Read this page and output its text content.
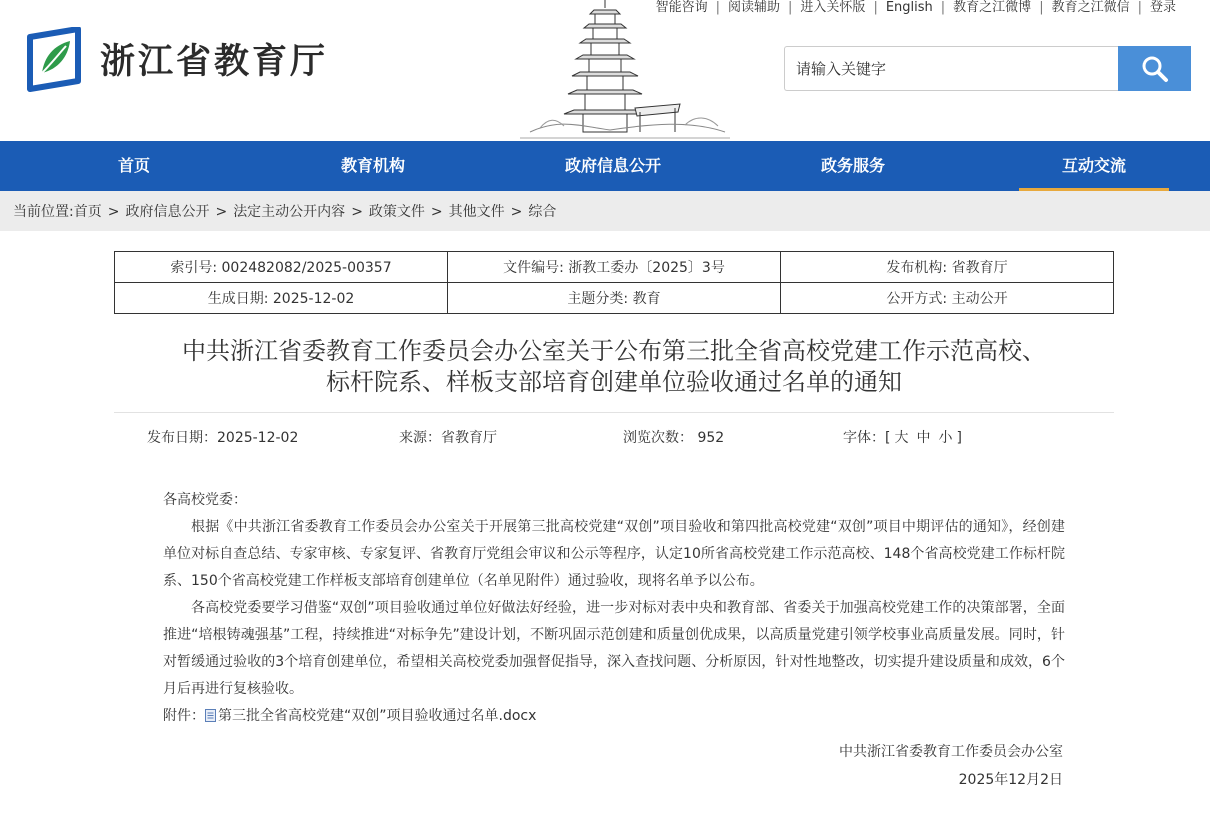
浙江省教育厅
智能咨询 | 阅读辅助 | 进入关怀版 | English | 教育之江微博 | 教育之江微信 | 登录
请输入关键字
首页	教育机构	政府信息公开	政务服务	互动交流
当前位置:首页 > 政府信息公开 > 法定主动公开内容 > 政策文件 > 其他文件 > 综合
索引号: 002482082/2025-00357	文件编号: 浙教工委办〔2025〕3号	发布机构: 省教育厅
生成日期: 2025-12-02	主题分类: 教育	公开方式: 主动公开
中共浙江省委教育工作委员会办公室关于公布第三批全省高校党建工作示范高校、
标杆院系、样板支部培育创建单位验收通过名单的通知
发布日期：2025-12-02	来源：省教育厅	浏览次数： 952	字体：[ 大 中 小 ]

各高校党委：

根据《中共浙江省委教育工作委员会办公室关于开展第三批高校党建“双创”项目验收和第四批高校党建“双创”项目中期评估的通知》，经创建单位对标自查总结、专家审核、专家复评、省教育厅党组会审议和公示等程序，认定10所省高校党建工作示范高校、148个省高校党建工作标杆院系、150个省高校党建工作样板支部培育创建单位（名单见附件）通过验收，现将名单予以公布。

各高校党委要学习借鉴“双创”项目验收通过单位好做法好经验，进一步对标对表中央和教育部、省委关于加强高校党建工作的决策部署，全面推进“培根铸魂强基”工程，持续推进“对标争先”建设计划，不断巩固示范创建和质量创优成果，以高质量党建引领学校事业高质量发展。同时，针对暂缓通过验收的3个培育创建单位，希望相关高校党委加强督促指导，深入查找问题、分析原因，针对性地整改，切实提升建设质量和成效，6个月后再进行复核验收。

附件： 第三批全省高校党建“双创”项目验收通过名单.docx

中共浙江省委教育工作委员会办公室
2025年12月2日
